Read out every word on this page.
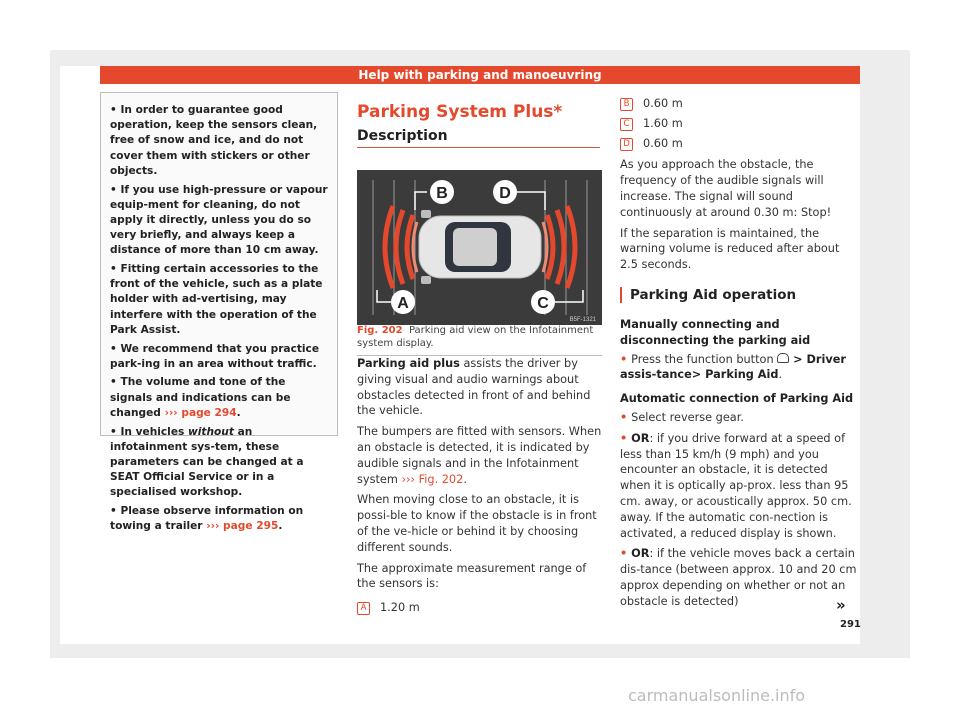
Help with parking and manoeuvring

• In order to guarantee good operation, keep the sensors clean, free of snow and ice, and do not cover them with stickers or other objects.

• If you use high-pressure or vapour equip-ment for cleaning, do not apply it directly, unless you do so very briefly, and always keep a distance of more than 10 cm away.

• Fitting certain accessories to the front of the vehicle, such as a plate holder with ad-vertising, may interfere with the operation of the Park Assist.

• We recommend that you practice park-ing in an area without traffic.

• The volume and tone of the signals and indications can be changed ››› page 294.

• In vehicles without an infotainment sys-tem, these parameters can be changed at a SEAT Official Service or in a specialised workshop.

• Please observe information on towing a trailer ››› page 295.

Parking System Plus*
Description
B	D
A	C
B5F-1321
Fig. 202 Parking aid view on the Infotainment system display.

Parking aid plus assists the driver by giving visual and audio warnings about obstacles detected in front of and behind the vehicle.

The bumpers are fitted with sensors. When an obstacle is detected, it is indicated by audible signals and in the Infotainment system ››› Fig. 202.

When moving close to an obstacle, it is possi-ble to know if the obstacle is in front of the ve-hicle or behind it by choosing different sounds.

The approximate measurement range of the sensors is:

A 1.20 m

B 0.60 m

C 1.60 m

D 0.60 m

As you approach the obstacle, the frequency of the audible signals will increase. The signal will sound continuously at around 0.30 m: Stop!

If the separation is maintained, the warning volume is reduced after about 2.5 seconds.

Parking Aid operation

Manually connecting and disconnecting the parking aid

• Press the function button  > Driver assis-tance> Parking Aid.

Automatic connection of Parking Aid

• Select reverse gear.

• OR: if you drive forward at a speed of less than 15 km/h (9 mph) and you encounter an obstacle, it is detected when it is optically ap-prox. less than 95 cm. away, or acoustically approx. 50 cm. away. If the automatic con-nection is activated, a reduced display is shown.

• OR: if the vehicle moves back a certain dis-tance (between approx. 10 and 20 cm approx depending on whether or not an obstacle is detected)	»
291
carmanualsonline.info
